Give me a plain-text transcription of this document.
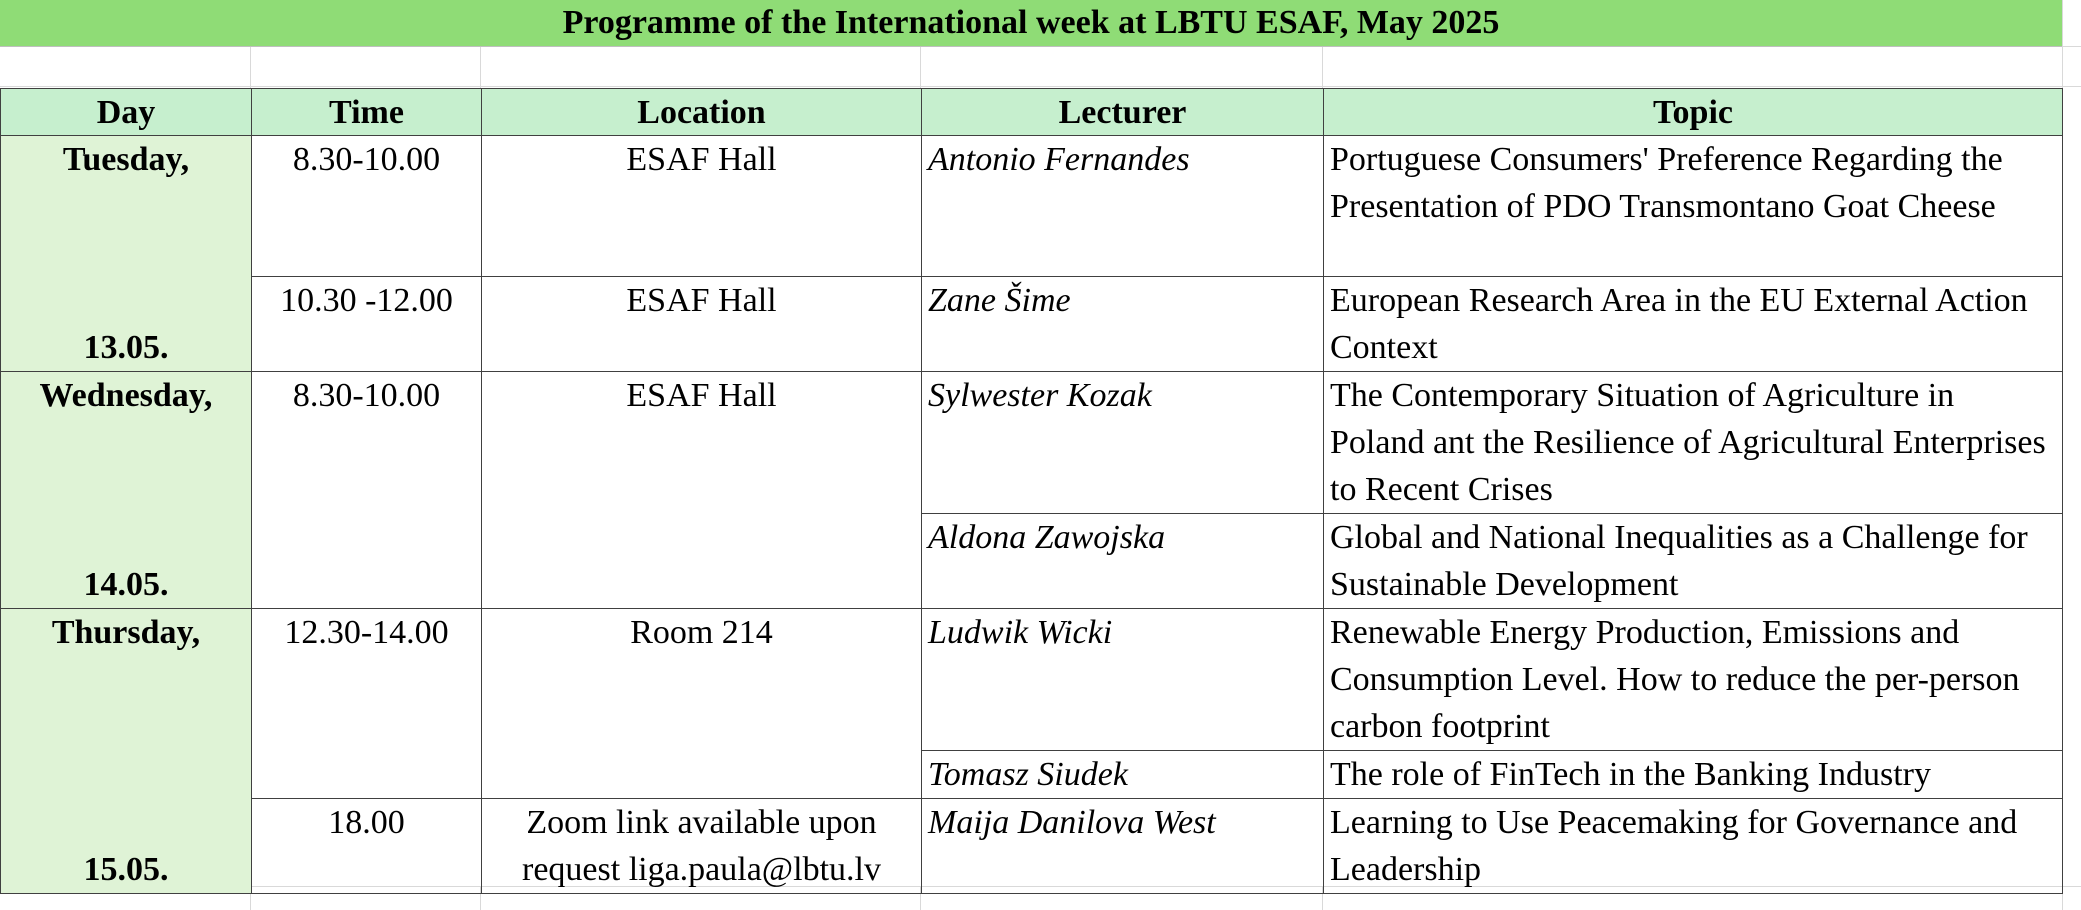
Programme of the International week at LBTU ESAF, May 2025
Day	Time	Location	Lecturer	Topic

Tuesday,
13.05.	8.30-10.00	ESAF Hall	Antonio Fernandes	Portuguese Consumers' Preference Regarding the
Presentation of PDO Transmontano Goat Cheese

	10.30 -12.00	ESAF Hall	Zane Šime	European Research Area in the EU External Action Context

Wednesday,
14.05.	8.30-10.00	ESAF Hall	Sylwester Kozak	The Contemporary Situation of Agriculture in Poland ant the Resilience of Agricultural Enterprises to Recent Crises
			Aldona Zawojska	Global and National Inequalities as a Challenge for Sustainable Development

Thursday,
15.05.	12.30-14.00	Room 214	Ludwik Wicki	Renewable Energy Production, Emissions and Consumption Level. How to reduce the per-person carbon footprint
			Tomasz Siudek	The role of FinTech in the Banking Industry
	18.00	Zoom link available upon request liga.paula@lbtu.lv	Maija Danilova West	Learning to Use Peacemaking for Governance and Leadership
